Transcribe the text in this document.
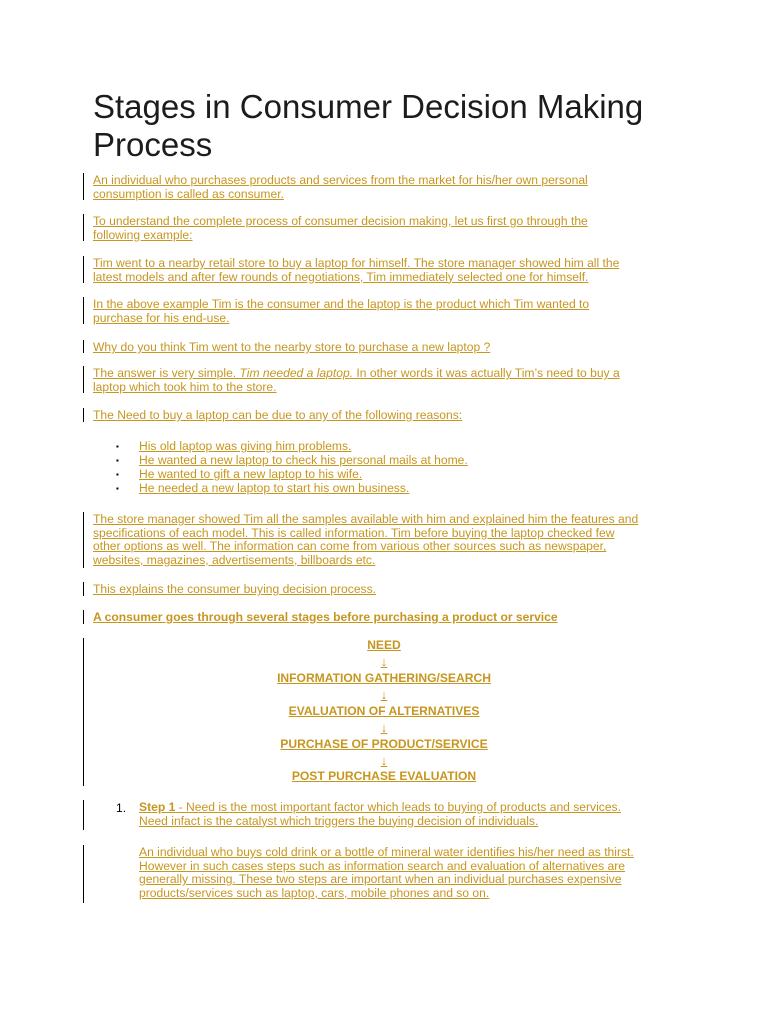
Stages in Consumer Decision Making Process
An individual who purchases products and services from the market for his/her own personal
consumption is called as consumer.
To understand the complete process of consumer decision making, let us first go through the
following example:
Tim went to a nearby retail store to buy a laptop for himself. The store manager showed him all the
latest models and after few rounds of negotiations, Tim immediately selected one for himself.
In the above example Tim is the consumer and the laptop is the product which Tim wanted to
purchase for his end-use.
Why do you think Tim went to the nearby store to purchase a new laptop ?
The answer is very simple. Tim needed a laptop. In other words it was actually Tim’s need to buy a
laptop which took him to the store.
The Need to buy a laptop can be due to any of the following reasons:
▪ His old laptop was giving him problems.
▪ He wanted a new laptop to check his personal mails at home.
▪ He wanted to gift a new laptop to his wife.
▪ He needed a new laptop to start his own business.
The store manager showed Tim all the samples available with him and explained him the features and
specifications of each model. This is called information. Tim before buying the laptop checked few
other options as well. The information can come from various other sources such as newspaper,
websites, magazines, advertisements, billboards etc.
This explains the consumer buying decision process.
A consumer goes through several stages before purchasing a product or service
NEED
↓
INFORMATION GATHERING/SEARCH
↓
EVALUATION OF ALTERNATIVES
↓
PURCHASE OF PRODUCT/SERVICE
↓
POST PURCHASE EVALUATION
1. Step 1 - Need is the most important factor which leads to buying of products and services.
Need infact is the catalyst which triggers the buying decision of individuals.
An individual who buys cold drink or a bottle of mineral water identifies his/her need as thirst.
However in such cases steps such as information search and evaluation of alternatives are
generally missing. These two steps are important when an individual purchases expensive
products/services such as laptop, cars, mobile phones and so on.
